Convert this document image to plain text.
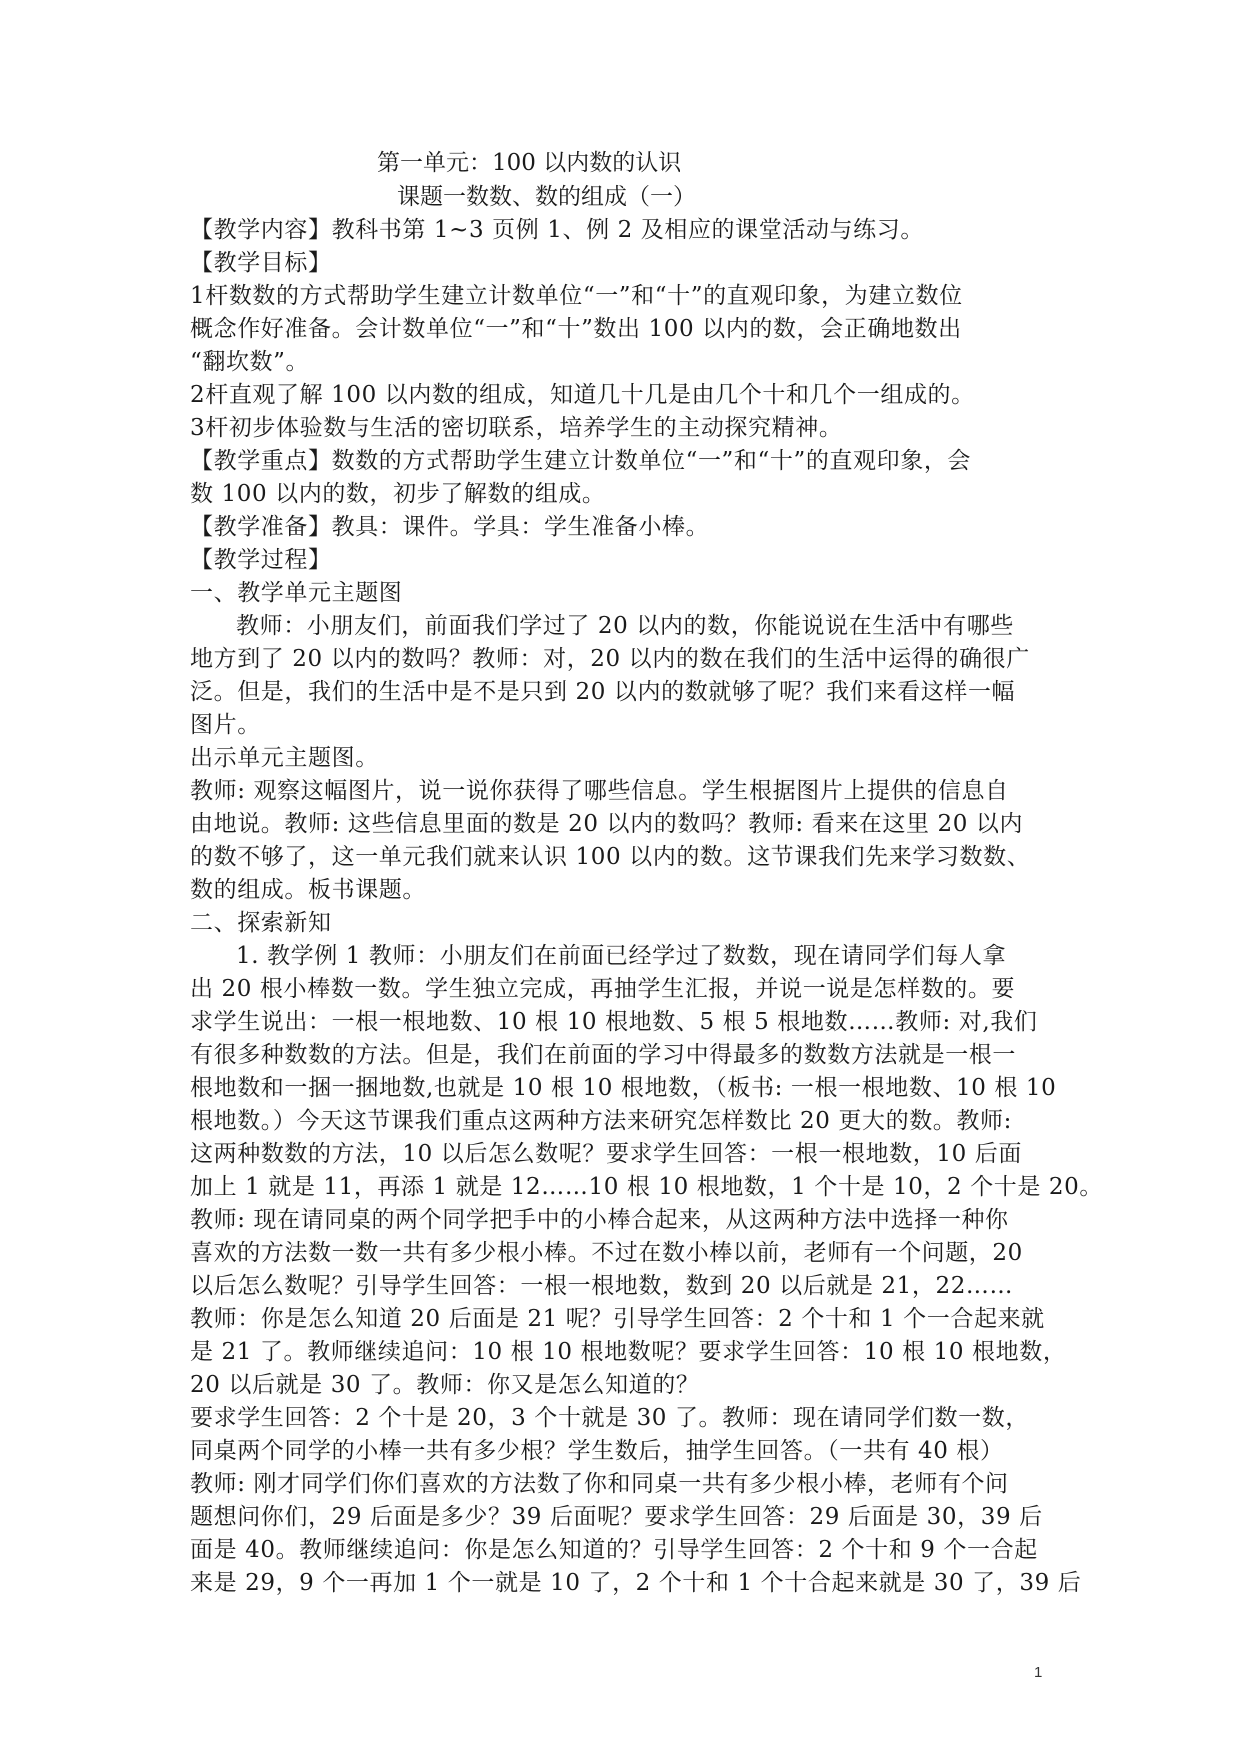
第一单元：100 以内数的认识
课题一数数、数的组成（一）
【教学内容】教科书第 1~3 页例 1、例 2 及相应的课堂活动与练习。
【教学目标】
1杆数数的方式帮助学生建立计数单位“一”和“十”的直观印象，为建立数位
概念作好准备。会计数单位“一”和“十”数出 100 以内的数，会正确地数出
“翻坎数”。
2杆直观了解 100 以内数的组成，知道几十几是由几个十和几个一组成的。
3杆初步体验数与生活的密切联系，培养学生的主动探究精神。
【教学重点】数数的方式帮助学生建立计数单位“一”和“十”的直观印象，会
数 100 以内的数，初步了解数的组成。
【教学准备】教具：课件。学具：学生准备小棒。
【教学过程】
一、教学单元主题图
教师：小朋友们，前面我们学过了 20 以内的数，你能说说在生活中有哪些
地方到了 20 以内的数吗？教师：对，20 以内的数在我们的生活中运得的确很广
泛。但是，我们的生活中是不是只到 20 以内的数就够了呢？我们来看这样一幅
图片。
出示单元主题图。
教师: 观察这幅图片，说一说你获得了哪些信息。学生根据图片上提供的信息自
由地说。教师: 这些信息里面的数是 20 以内的数吗？教师: 看来在这里 20 以内
的数不够了，这一单元我们就来认识 100 以内的数。这节课我们先来学习数数、
数的组成。板书课题。
二、探索新知
1. 教学例 1 教师：小朋友们在前面已经学过了数数，现在请同学们每人拿
出 20 根小棒数一数。学生独立完成，再抽学生汇报，并说一说是怎样数的。要
求学生说出：一根一根地数、10 根 10 根地数、5 根 5 根地数……教师: 对,我们
有很多种数数的方法。但是，我们在前面的学习中得最多的数数方法就是一根一
根地数和一捆一捆地数,也就是 10 根 10 根地数，（板书: 一根一根地数、10 根 10
根地数。）今天这节课我们重点这两种方法来研究怎样数比 20 更大的数。教师:
这两种数数的方法，10 以后怎么数呢？要求学生回答：一根一根地数，10 后面
加上 1 就是 11，再添 1 就是 12……10 根 10 根地数，1 个十是 10，2 个十是 20。
教师: 现在请同桌的两个同学把手中的小棒合起来，从这两种方法中选择一种你
喜欢的方法数一数一共有多少根小棒。不过在数小棒以前，老师有一个问题，20
以后怎么数呢？引导学生回答：一根一根地数，数到 20 以后就是 21，22……
教师：你是怎么知道 20 后面是 21 呢？引导学生回答：2 个十和 1 个一合起来就
是 21 了。教师继续追问：10 根 10 根地数呢？要求学生回答：10 根 10 根地数，
20 以后就是 30 了。教师：你又是怎么知道的？
要求学生回答：2 个十是 20，3 个十就是 30 了。教师：现在请同学们数一数，
同桌两个同学的小棒一共有多少根？学生数后，抽学生回答。（一共有 40 根）
教师: 刚才同学们你们喜欢的方法数了你和同桌一共有多少根小棒，老师有个问
题想问你们，29 后面是多少？39 后面呢？要求学生回答：29 后面是 30，39 后
面是 40。教师继续追问：你是怎么知道的？引导学生回答：2 个十和 9 个一合起
来是 29，9 个一再加 1 个一就是 10 了，2 个十和 1 个十合起来就是 30 了，39 后
1
